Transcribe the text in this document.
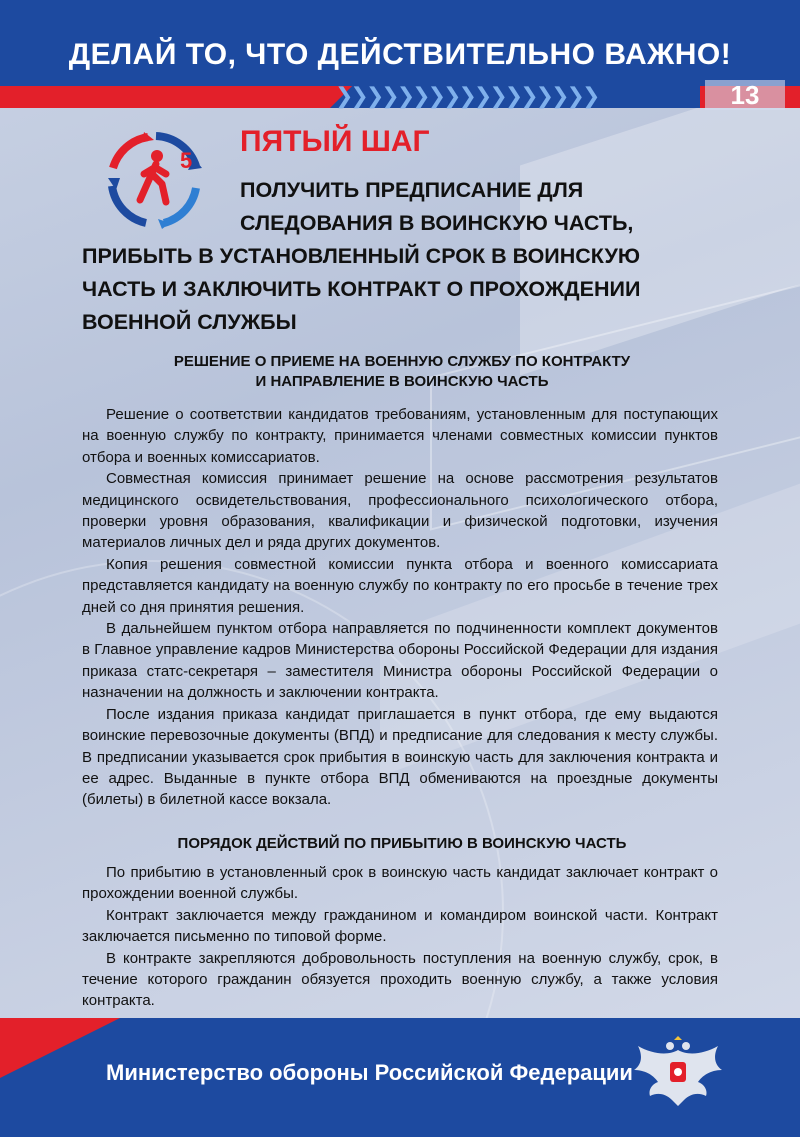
ДЕЛАЙ ТО, ЧТО ДЕЙСТВИТЕЛЬНО ВАЖНО!
❯❯❯❯❯❯❯❯❯❯❯❯❯❯❯❯❯	13
5
ПЯТЫЙ ШАГ
ПОЛУЧИТЬ ПРЕДПИСАНИЕ ДЛЯ
СЛЕДОВАНИЯ В ВОИНСКУЮ ЧАСТЬ,
ПРИБЫТЬ В УСТАНОВЛЕННЫЙ СРОК В ВОИНСКУЮ
ЧАСТЬ И ЗАКЛЮЧИТЬ КОНТРАКТ О ПРОХОЖДЕНИИ
ВОЕННОЙ СЛУЖБЫ
РЕШЕНИЕ О ПРИЕМЕ НА ВОЕННУЮ СЛУЖБУ ПО КОНТРАКТУ
И НАПРАВЛЕНИЕ В ВОИНСКУЮ ЧАСТЬ

Решение о соответствии кандидатов требованиям, установленным для поступающих на военную службу по контракту, принимается членами совместных комиссии пунктов отбора и военных комиссариатов.

Совместная комиссия принимает решение на основе рассмотрения результатов медицинского освидетельствования, профессионального психологического отбора, проверки уровня образования, квалификации и физической подготовки, изучения материалов личных дел и ряда других документов.

Копия решения совместной комиссии пункта отбора и военного комиссариата представляется кандидату на военную службу по контракту по его просьбе в течение трех дней со дня принятия решения.

В дальнейшем пунктом отбора направляется по подчиненности комплект документов в Главное управление кадров Министерства обороны Российской Федерации для издания приказа статс-секретаря – заместителя Министра обороны Российской Федерации о назначении на должность и заключении контракта.

После издания приказа кандидат приглашается в пункт отбора, где ему выдаются воинские перевозочные документы (ВПД) и предписание для следования к месту службы. В предписании указывается срок прибытия в воинскую часть для заключения контракта и ее адрес. Выданные в пункте отбора ВПД обмениваются на проездные документы (билеты) в билетной кассе вокзала.

ПОРЯДОК ДЕЙСТВИЙ ПО ПРИБЫТИЮ В ВОИНСКУЮ ЧАСТЬ

По прибытию в установленный срок в воинскую часть кандидат заключает контракт о прохождении военной службы.

Контракт заключается между гражданином и командиром воинской части. Контракт заключается письменно по типовой форме.

В контракте закрепляются добровольность поступления на военную службу, срок, в течение которого гражданин обязуется проходить военную службу, а также условия контракта.

Министерство обороны Российской Федерации
